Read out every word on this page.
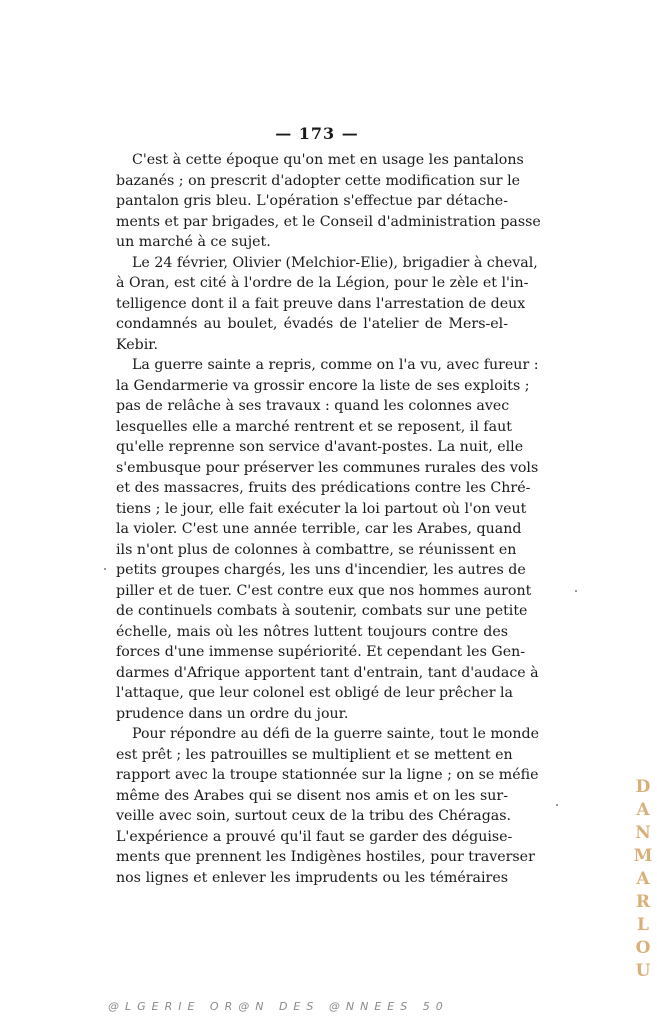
— 173 —
C'est à cette époque qu'on met en usage les pantalons
bazanés ; on prescrit d'adopter cette modification sur le
pantalon gris bleu. L'opération s'effectue par détache-
ments et par brigades, et le Conseil d'administration passe
un marché à ce sujet.
Le 24 février, Olivier (Melchior-Elie), brigadier à cheval,
à Oran, est cité à l'ordre de la Légion, pour le zèle et l'in-
telligence dont il a fait preuve dans l'arrestation de deux
condamnés au boulet, évadés de l'atelier de Mers-el-
Kebir.
La guerre sainte a repris, comme on l'a vu, avec fureur :
la Gendarmerie va grossir encore la liste de ses exploits ;
pas de relâche à ses travaux : quand les colonnes avec
lesquelles elle a marché rentrent et se reposent, il faut
qu'elle reprenne son service d'avant-postes. La nuit, elle
s'embusque pour préserver les communes rurales des vols
et des massacres, fruits des prédications contre les Chré-
tiens ; le jour, elle fait exécuter la loi partout où l'on veut
la violer. C'est une année terrible, car les Arabes, quand
ils n'ont plus de colonnes à combattre, se réunissent en
petits groupes chargés, les uns d'incendier, les autres de
piller et de tuer. C'est contre eux que nos hommes auront
de continuels combats à soutenir, combats sur une petite
échelle, mais où les nôtres luttent toujours contre des
forces d'une immense supériorité. Et cependant les Gen-
darmes d'Afrique apportent tant d'entrain, tant d'audace à
l'attaque, que leur colonel est obligé de leur prêcher la
prudence dans un ordre du jour.
Pour répondre au défi de la guerre sainte, tout le monde
est prêt ; les patrouilles se multiplient et se mettent en
rapport avec la troupe stationnée sur la ligne ; on se méfie
même des Arabes qui se disent nos amis et on les sur-
veille avec soin, surtout ceux de la tribu des Chéragas.
L'expérience a prouvé qu'il faut se garder des déguise-
ments que prennent les Indigènes hostiles, pour traverser
nos lignes et enlever les imprudents ou les téméraires
DANMARLOU
@LGERIE OR@N DES @NNEES 50
